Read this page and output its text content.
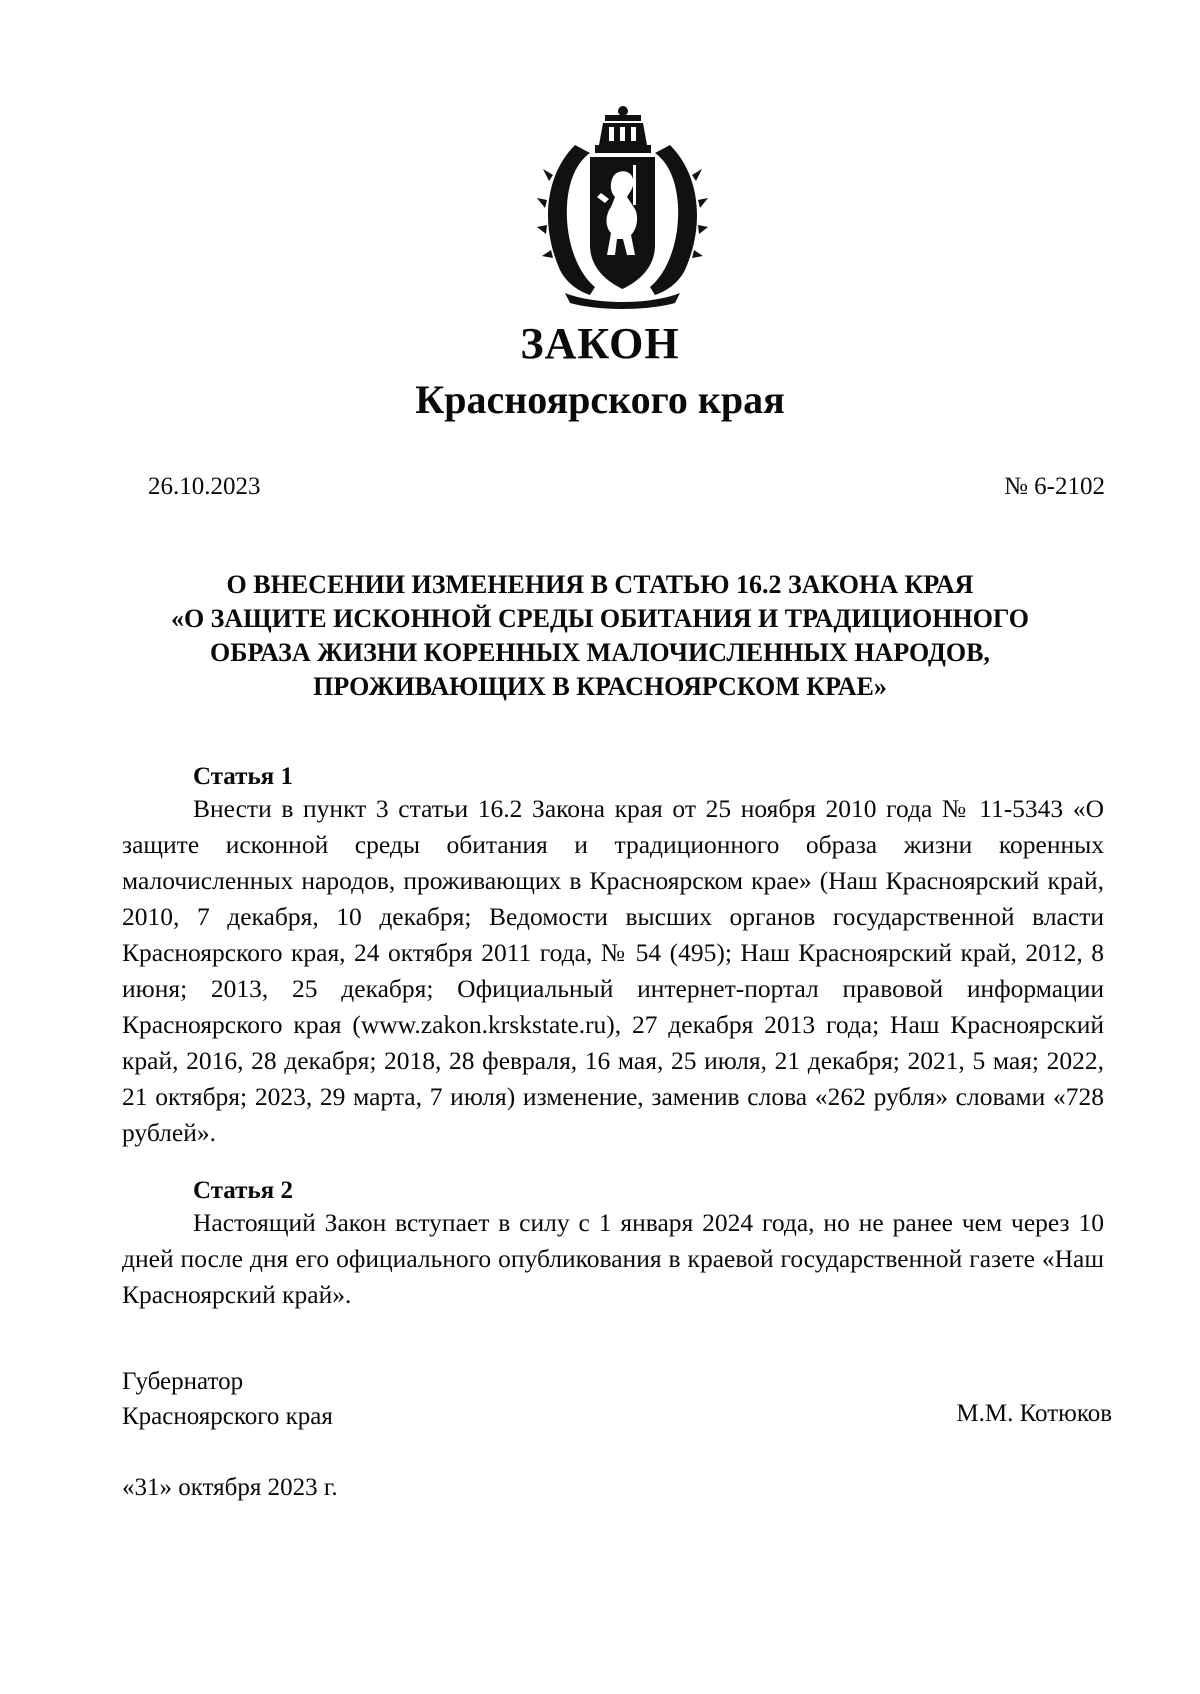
ЗАКОН
Красноярского края
26.10.2023	№ 6-2102
О ВНЕСЕНИИ ИЗМЕНЕНИЯ В СТАТЬЮ 16.2 ЗАКОНА КРАЯ
«О ЗАЩИТЕ ИСКОННОЙ СРЕДЫ ОБИТАНИЯ И ТРАДИЦИОННОГО
ОБРАЗА ЖИЗНИ КОРЕННЫХ МАЛОЧИСЛЕННЫХ НАРОДОВ,
ПРОЖИВАЮЩИХ В КРАСНОЯРСКОМ КРАЕ»
Статья 1

Внести в пункт 3 статьи 16.2 Закона края от 25 ноября 2010 года № 11-5343 «О защите исконной среды обитания и традиционного образа жизни коренных малочисленных народов, проживающих в Красноярском крае» (Наш Красноярский край, 2010, 7 декабря, 10 декабря; Ведомости высших органов государственной власти Красноярского края, 24 октября 2011 года, № 54 (495); Наш Красноярский край, 2012, 8 июня; 2013, 25 декабря; Официальный интернет-портал правовой информации Красноярского края (www.zakon.krskstate.ru), 27 декабря 2013 года; Наш Красноярский край, 2016, 28 декабря; 2018, 28 февраля, 16 мая, 25 июля, 21 декабря; 2021, 5 мая; 2022, 21 октября; 2023, 29 марта, 7 июля) изменение, заменив слова «262 рубля» словами «728 рублей».

Статья 2

Настоящий Закон вступает в силу с 1 января 2024 года, но не ранее чем через 10 дней после дня его официального опубликования в краевой государственной газете «Наш Красноярский край».

Губернатор
Красноярского края	М.М. Котюков
«31» октября 2023 г.
